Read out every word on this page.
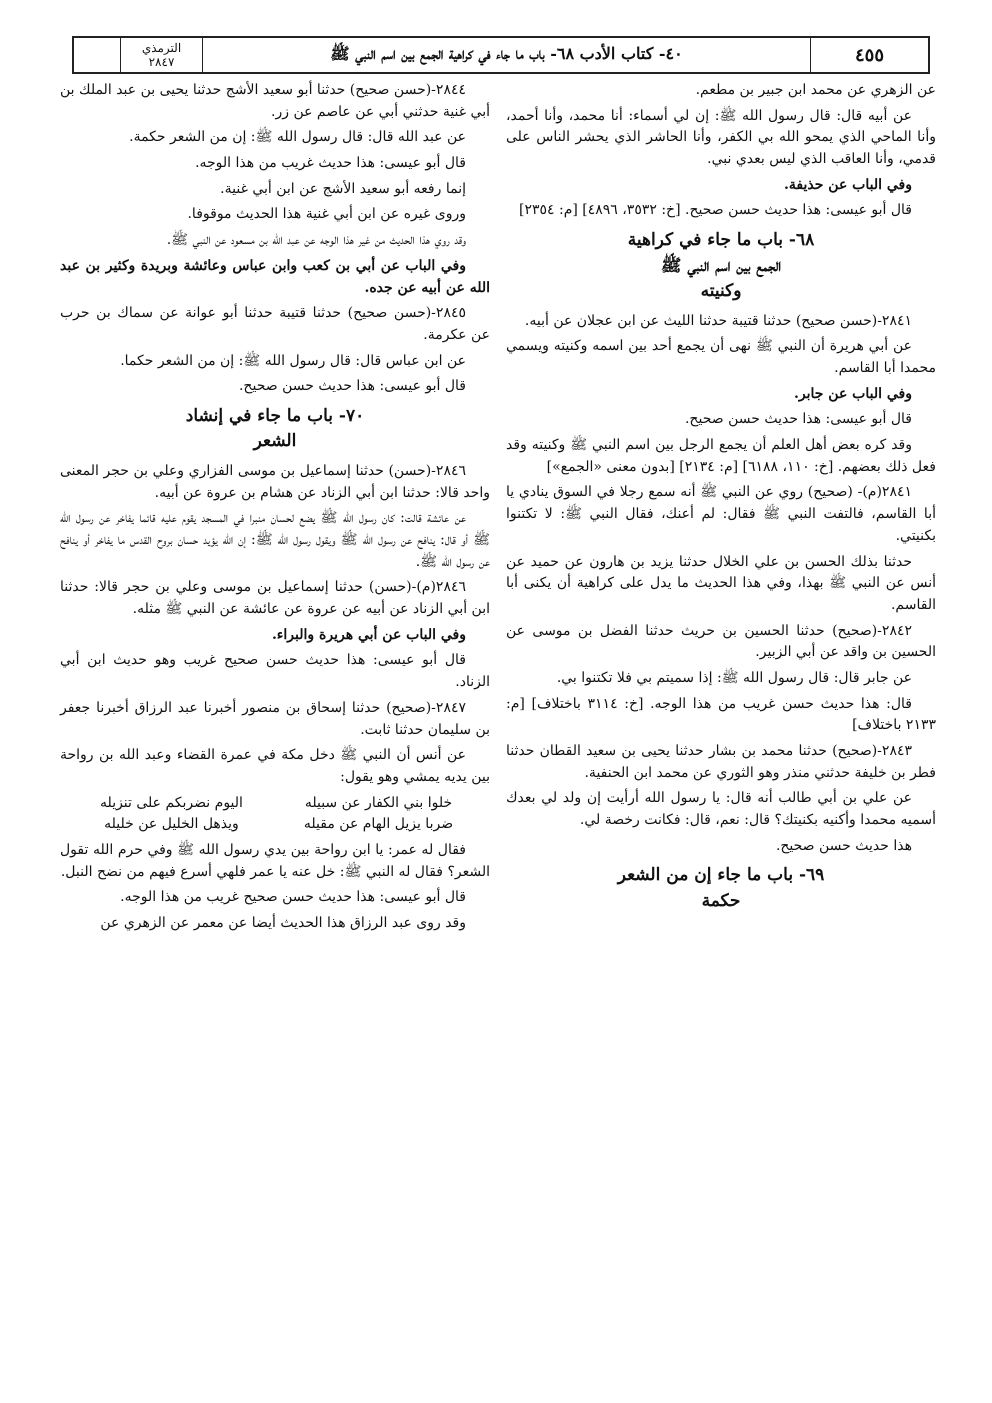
٤٥٥
٤٠- كتاب الأدب ٦٨- باب ما جاء في كراهية الجمع بين اسم النبي ﷺ
الترمذي
٢٨٤٧

عن الزهري عن محمد ابن جبير بن مطعم.

عن أبيه قال: قال رسول الله ﷺ: إن لي أسماء: أنا محمد، وأنا أحمد، وأنا الماحي الذي يمحو الله بي الكفر، وأنا الحاشر الذي يحشر الناس على قدمي، وأنا العاقب الذي ليس بعدي نبي.

وفي الباب عن حذيفة.

قال أبو عيسى: هذا حديث حسن صحيح. [خ: ٣٥٣٢، ٤٨٩٦] [م: ٢٣٥٤]

٦٨- باب ما جاء في كراهية
الجمع بين اسم النبي ﷺ
وكنيته

٢٨٤١-(حسن صحيح) حدثنا قتيبة حدثنا الليث عن ابن عجلان عن أبيه.

عن أبي هريرة أن النبي ﷺ نهى أن يجمع أحد بين اسمه وكنيته ويسمي محمدا أبا القاسم.

وفي الباب عن جابر.

قال أبو عيسى: هذا حديث حسن صحيح.

وقد كره بعض أهل العلم أن يجمع الرجل بين اسم النبي ﷺ وكنيته وقد فعل ذلك بعضهم. [خ: ١١٠، ٦١٨٨] [م: ٢١٣٤] [بدون معنى «الجمع»]

٢٨٤١(م)- (صحيح) روي عن النبي ﷺ أنه سمع رجلا في السوق ينادي يا أبا القاسم، فالتفت النبي ﷺ فقال: لم أعنك، فقال النبي ﷺ: لا تكتنوا بكنيتي.

حدثنا بذلك الحسن بن علي الخلال حدثنا يزيد بن هارون عن حميد عن أنس عن النبي ﷺ بهذا، وفي هذا الحديث ما يدل على كراهية أن يكنى أبا القاسم.

٢٨٤٢-(صحيح) حدثنا الحسين بن حريث حدثنا الفضل بن موسى عن الحسين بن واقد عن أبي الزبير.

عن جابر قال: قال رسول الله ﷺ: إذا سميتم بي فلا تكتنوا بي.

قال: هذا حديث حسن غريب من هذا الوجه. [خ: ٣١١٤ باختلاف] [م: ٢١٣٣ باختلاف]

٢٨٤٣-(صحيح) حدثنا محمد بن بشار حدثنا يحيى بن سعيد القطان حدثنا فطر بن خليفة حدثني منذر وهو الثوري عن محمد ابن الحنفية.

عن علي بن أبي طالب أنه قال: يا رسول الله أرأيت إن ولد لي بعدك أسميه محمدا وأكنيه بكنيتك؟ قال: نعم، قال: فكانت رخصة لي.

هذا حديث حسن صحيح.

٦٩- باب ما جاء إن من الشعر
حكمة

٢٨٤٤-(حسن صحيح) حدثنا أبو سعيد الأشج حدثنا يحيى بن عبد الملك بن أبي غنية حدثني أبي عن عاصم عن زر.

عن عبد الله قال: قال رسول الله ﷺ: إن من الشعر حكمة.

قال أبو عيسى: هذا حديث غريب من هذا الوجه.

إنما رفعه أبو سعيد الأشج عن ابن أبي غنية.

وروى غيره عن ابن أبي غنية هذا الحديث موقوفا.

وقد روي هذا الحديث من غير هذا الوجه عن عبد الله بن مسعود عن النبي ﷺ.

وفي الباب عن أبي بن كعب وابن عباس وعائشة وبريدة وكثير بن عبد الله عن أبيه عن جده.

٢٨٤٥-(حسن صحيح) حدثنا قتيبة حدثنا أبو عوانة عن سماك بن حرب عن عكرمة.

عن ابن عباس قال: قال رسول الله ﷺ: إن من الشعر حكما.

قال أبو عيسى: هذا حديث حسن صحيح.

٧٠- باب ما جاء في إنشاد
الشعر

٢٨٤٦-(حسن) حدثنا إسماعيل بن موسى الفزاري وعلي بن حجر المعنى واحد قالا: حدثنا ابن أبي الزناد عن هشام بن عروة عن أبيه.

عن عائشة قالت: كان رسول الله ﷺ يضع لحسان منبرا في المسجد يقوم عليه قائما يفاخر عن رسول الله ﷺ أو قال: ينافح عن رسول الله ﷺ ويقول رسول الله ﷺ: إن الله يؤيد حسان بروح القدس ما يفاخر أو ينافح عن رسول الله ﷺ.

٢٨٤٦(م)-(حسن) حدثنا إسماعيل بن موسى وعلي بن حجر قالا: حدثنا ابن أبي الزناد عن أبيه عن عروة عن عائشة عن النبي ﷺ مثله.

وفي الباب عن أبي هريرة والبراء.

قال أبو عيسى: هذا حديث حسن صحيح غريب وهو حديث ابن أبي الزناد.

٢٨٤٧-(صحيح) حدثنا إسحاق بن منصور أخبرنا عبد الرزاق أخبرنا جعفر بن سليمان حدثنا ثابت.

عن أنس أن النبي ﷺ دخل مكة في عمرة القضاء وعبد الله بن رواحة بين يديه يمشي وهو يقول:

خلوا بني الكفار عن سبيله
اليوم نضربكم على تنزيله
ضربا يزيل الهام عن مقيله
ويذهل الخليل عن خليله

فقال له عمر: يا ابن رواحة بين يدي رسول الله ﷺ وفي حرم الله تقول الشعر؟ فقال له النبي ﷺ: خل عنه يا عمر فلهي أسرع فيهم من نضح النبل.

قال أبو عيسى: هذا حديث حسن صحيح غريب من هذا الوجه.

وقد روى عبد الرزاق هذا الحديث أيضا عن معمر عن الزهري عن
